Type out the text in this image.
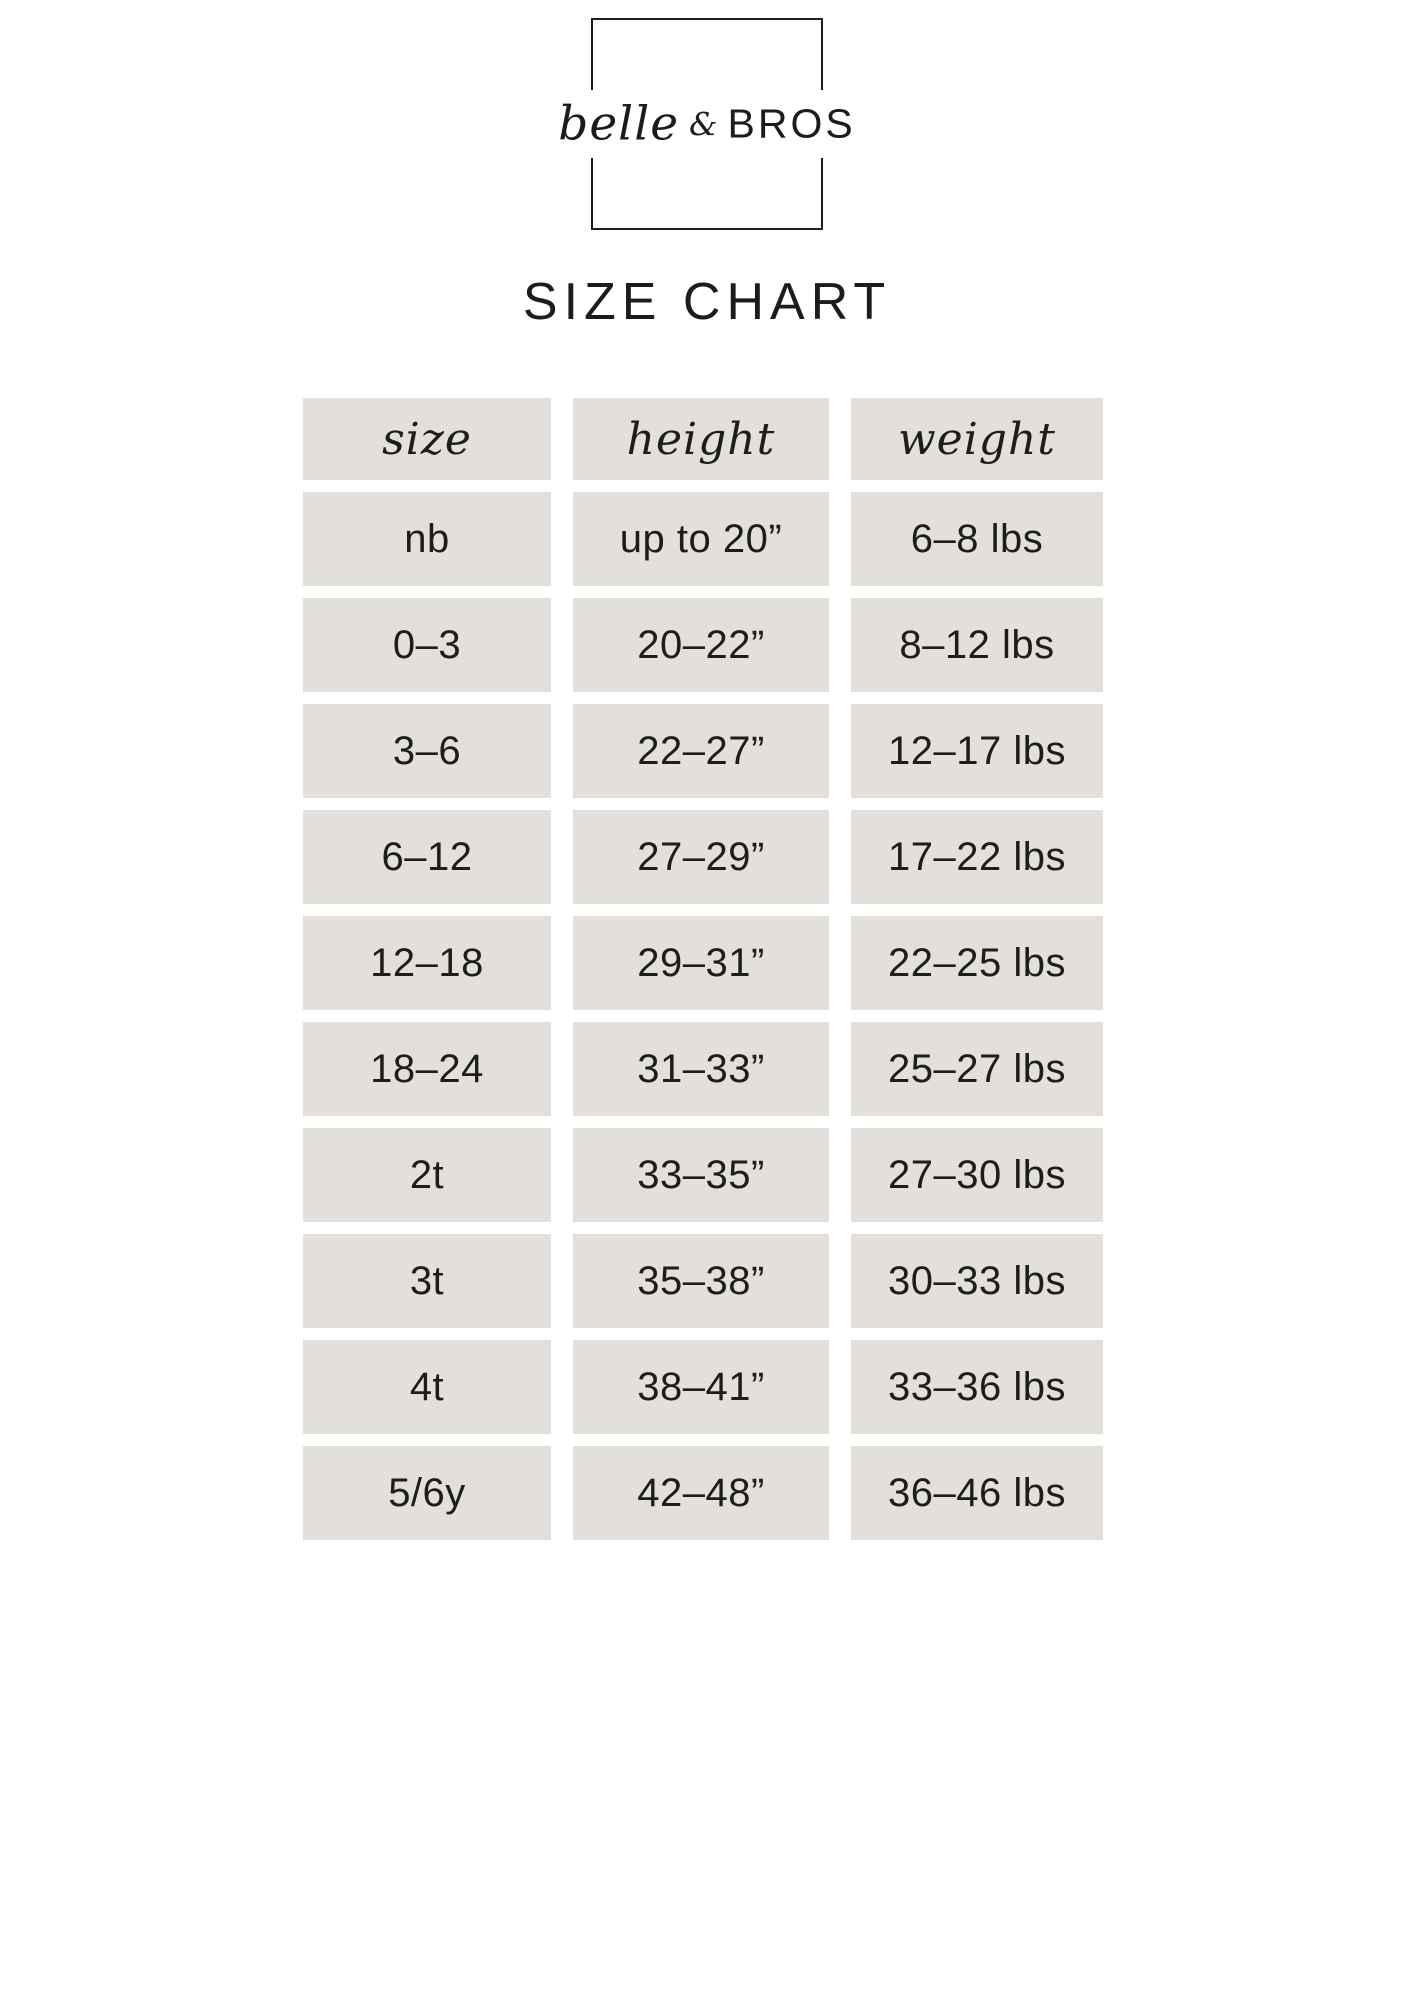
belle & BROS
SIZE CHART
size	height	weight
nb	up to 20”	6–8 lbs
0–3	20–22”	8–12 lbs
3–6	22–27”	12–17 lbs
6–12	27–29”	17–22 lbs
12–18	29–31”	22–25 lbs
18–24	31–33”	25–27 lbs
2t	33–35”	27–30 lbs
3t	35–38”	30–33 lbs
4t	38–41”	33–36 lbs
5/6y	42–48”	36–46 lbs
